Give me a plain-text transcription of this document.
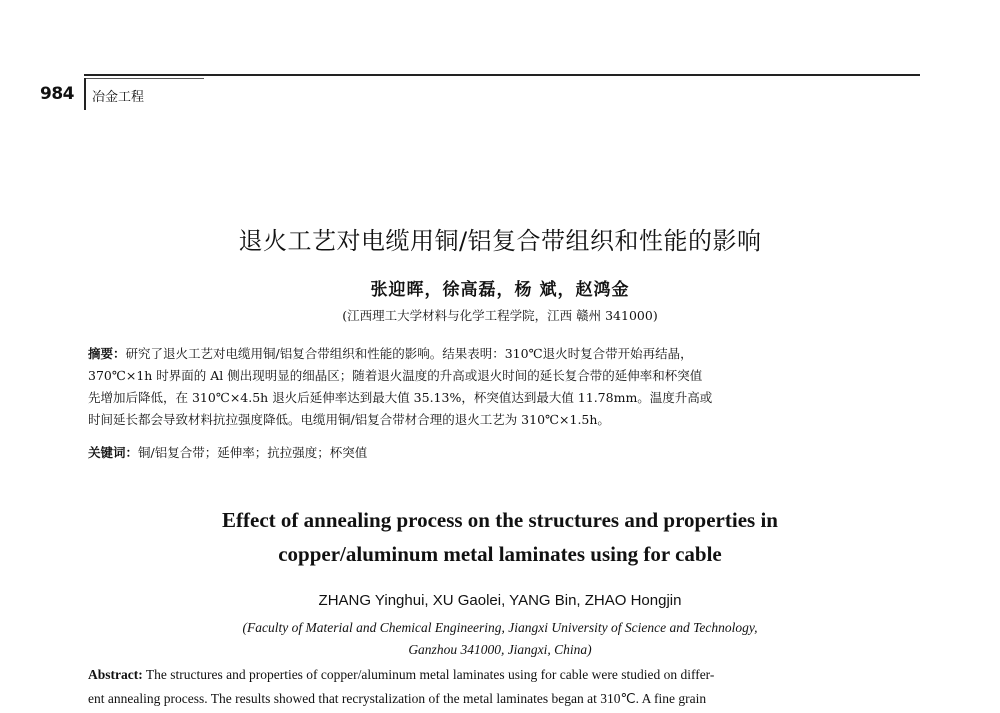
984 冶金工程
退火工艺对电缆用铜/铝复合带组织和性能的影响
张迎晖，徐高磊，杨 斌，赵鸿金
(江西理工大学材料与化学工程学院，江西 赣州 341000)
摘要：研究了退火工艺对电缆用铜/铝复合带组织和性能的影响。结果表明：310℃退火时复合带开始再结晶，
370℃×1h 时界面的 Al 侧出现明显的细晶区；随着退火温度的升高或退火时间的延长复合带的延伸率和杯突值
先增加后降低，在 310℃×4.5h 退火后延伸率达到最大值 35.13%，杯突值达到最大值 11.78mm。温度升高或
时间延长都会导致材料抗拉强度降低。电缆用铜/铝复合带材合理的退火工艺为 310℃×1.5h。
关键词：铜/铝复合带；延伸率；抗拉强度；杯突值
Effect of annealing process on the structures and properties in
copper/aluminum metal laminates using for cable
ZHANG Yinghui, XU Gaolei, YANG Bin, ZHAO Hongjin
(Faculty of Material and Chemical Engineering, Jiangxi University of Science and Technology,
Ganzhou 341000, Jiangxi, China)
Abstract: The structures and properties of copper/aluminum metal laminates using for cable were studied on differ-
ent annealing process. The results showed that recrystalization of the metal laminates began at 310℃. A fine grain
